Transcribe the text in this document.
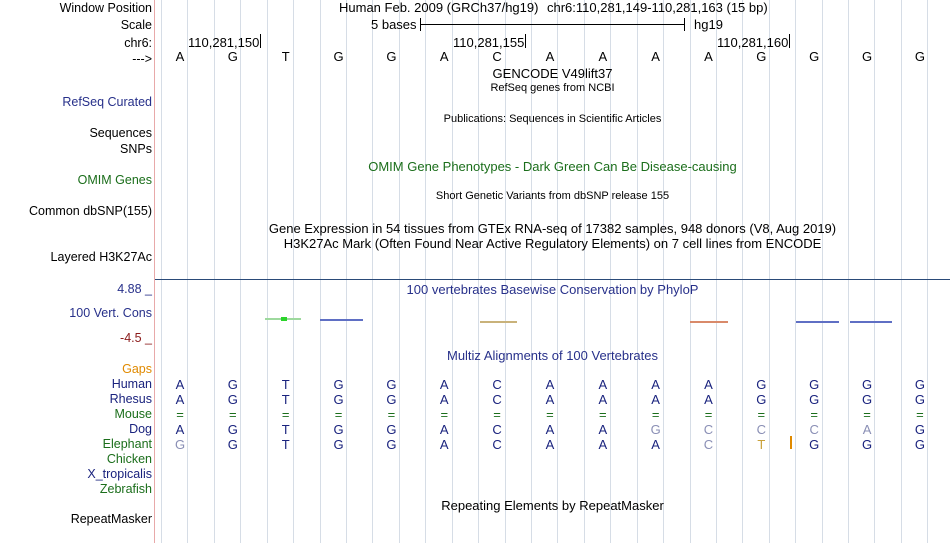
Window Position
Scale
chr6:
--->
Human Feb. 2009 (GRCh37/hg19) chr6:110,281,149-110,281,163 (15 bp)
5 bases	hg19
110,281,150	110,281,155	110,281,160
A	G	T	G	G	A	C	A	A	A	A	G	G	G	G
GENCODE V49lift37
RefSeq genes from NCBI
RefSeq Curated
Publications: Sequences in Scientific Articles
Sequences
SNPs
OMIM Gene Phenotypes - Dark Green Can Be Disease-causing
OMIM Genes
Short Genetic Variants from dbSNP release 155
Common dbSNP(155)
Gene Expression in 54 tissues from GTEx RNA-seq of 17382 samples, 948 donors (V8, Aug 2019)
H3K27Ac Mark (Often Found Near Active Regulatory Elements) on 7 cell lines from ENCODE
Layered H3K27Ac
100 vertebrates Basewise Conservation by PhyloP
4.88 _
100 Vert. Cons
-4.5 _
Multiz Alignments of 100 Vertebrates
Gaps
Human	A	G	T	G	G	A	C	A	A	A	A	G	G	G	G
Rhesus	A	G	T	G	G	A	C	A	A	A	A	G	G	G	G
Mouse	=	=	=	=	=	=	=	=	=	=	=	=	=	=	=
Dog	A	G	T	G	G	A	C	A	A	G	C	C	C	A	G
Elephant	G	G	T	G	G	A	C	A	A	A	C	T	G	G	G
Chicken
X_tropicalis
Zebrafish
Repeating Elements by RepeatMasker
RepeatMasker
